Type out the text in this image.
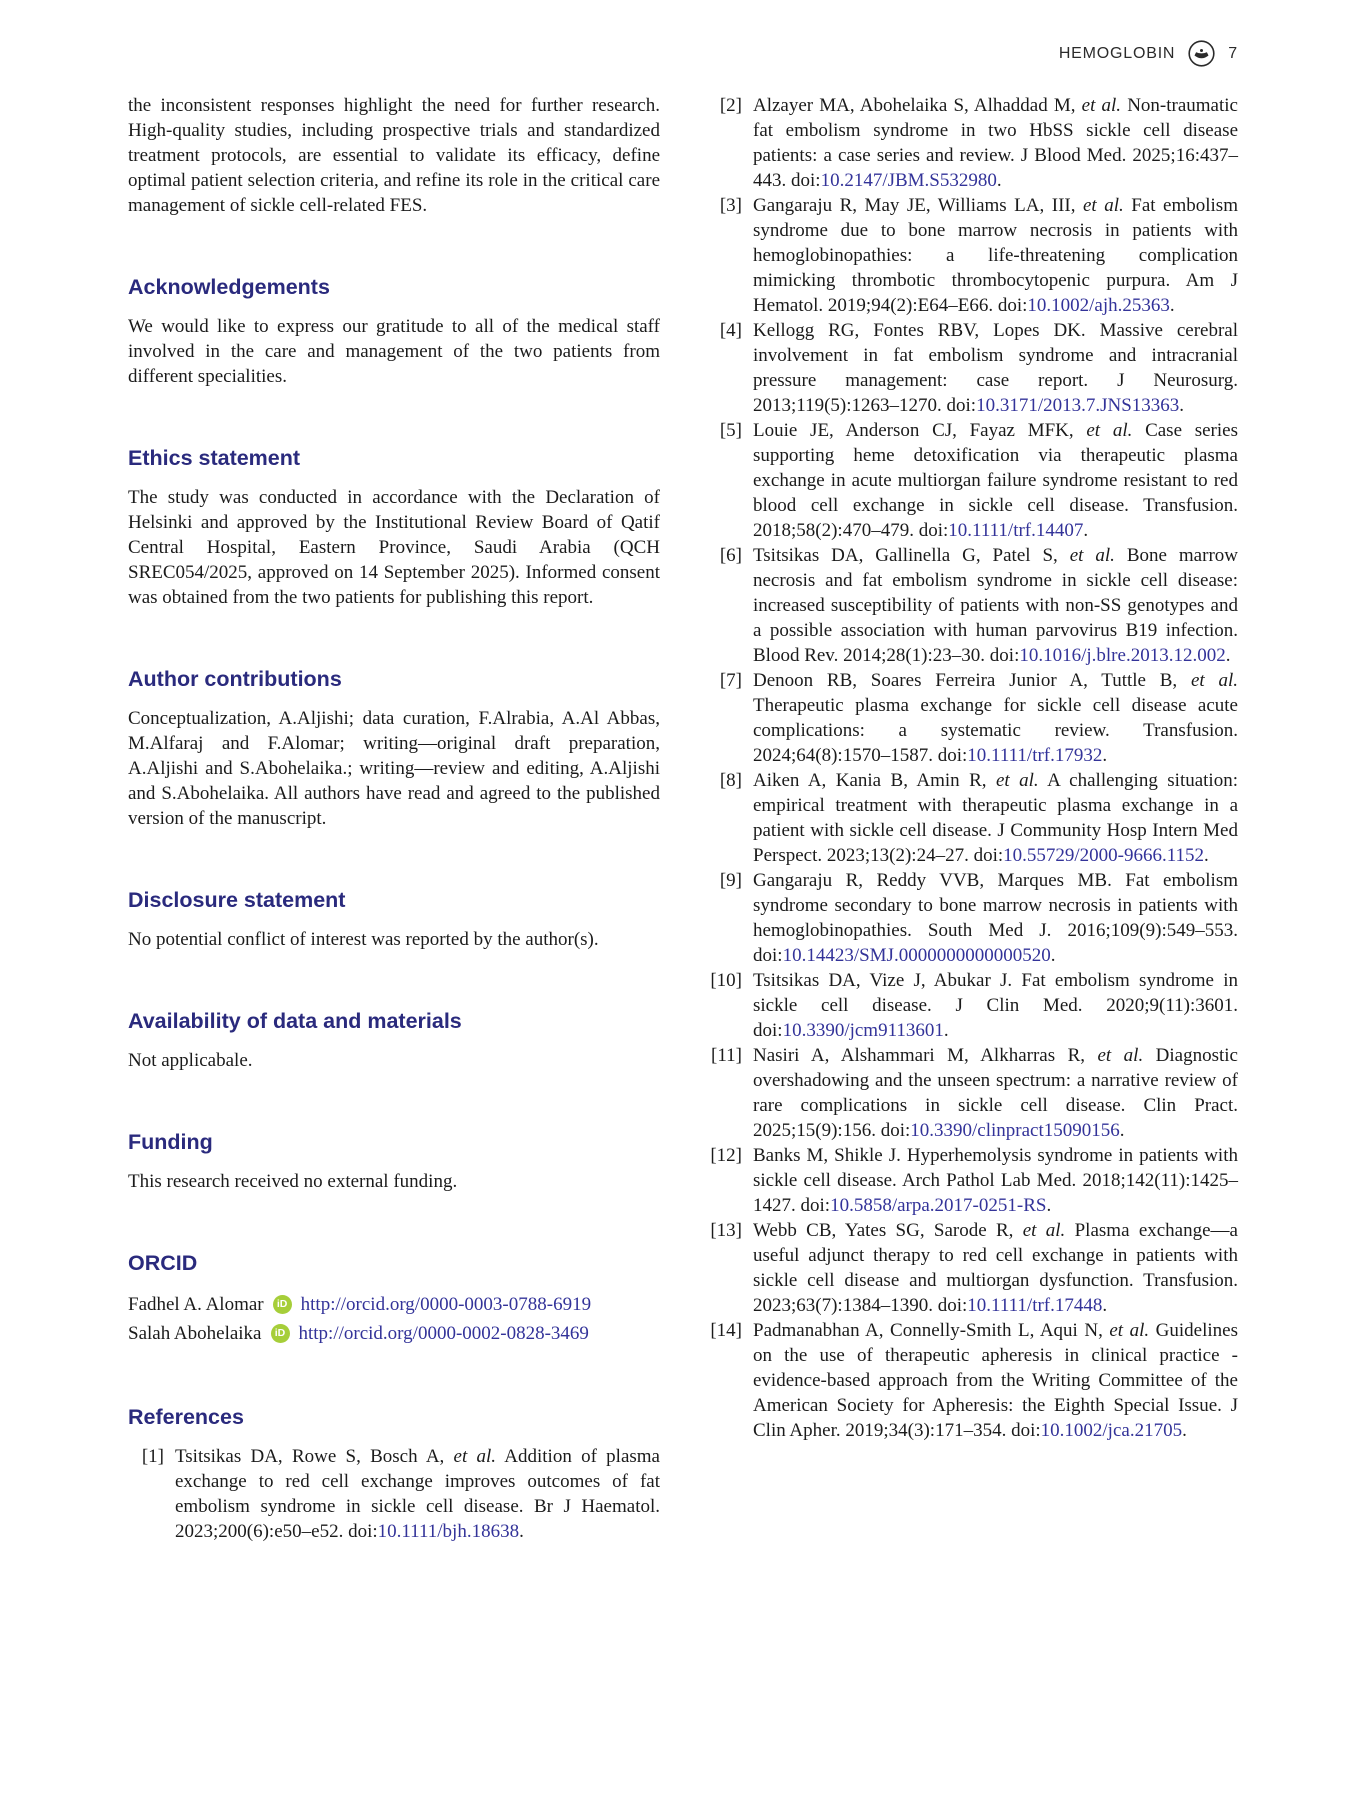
HEMOGLOBIN	7

the inconsistent responses highlight the need for further research. High-quality studies, including prospective trials and standardized treatment protocols, are essential to validate its efficacy, define optimal patient selection criteria, and refine its role in the critical care management of sickle cell-related FES.

Acknowledgements

We would like to express our gratitude to all of the medical staff involved in the care and management of the two patients from different specialities.

Ethics statement

The study was conducted in accordance with the Declaration of Helsinki and approved by the Institutional Review Board of Qatif Central Hospital, Eastern Province, Saudi Arabia (QCH SREC054/2025, approved on 14 September 2025). Informed consent was obtained from the two patients for publishing this report.

Author contributions

Conceptualization, A.Aljishi; data curation, F.Alrabia, A.Al Abbas, M.Alfaraj and F.Alomar; writing—original draft preparation, A.Aljishi and S.Abohelaika.; writing—review and editing, A.Aljishi and S.Abohelaika. All authors have read and agreed to the published version of the manuscript.

Disclosure statement

No potential conflict of interest was reported by the author(s).

Availability of data and materials

Not applicabale.

Funding

This research received no external funding.

ORCID
Fadhel A. Alomar	iD http://orcid.org/0000-0003-0788-6919
Salah Abohelaika	iD http://orcid.org/0000-0002-0828-3469
References
[1] Tsitsikas DA, Rowe S, Bosch A, et al. Addition of plasma exchange to red cell exchange improves outcomes of fat embolism syndrome in sickle cell disease. Br J Haematol. 2023;200(6):e50–e52. doi:10.1111/bjh.18638.
[2] Alzayer MA, Abohelaika S, Alhaddad M, et al. Non-traumatic fat embolism syndrome in two HbSS sickle cell disease patients: a case series and review. J Blood Med. 2025;16:437–443. doi:10.2147/JBM.S532980.
[3] Gangaraju R, May JE, Williams LA, III, et al. Fat embolism syndrome due to bone marrow necrosis in patients with hemoglobinopathies: a life-threatening complication mimicking thrombotic thrombocytopenic purpura. Am J Hematol. 2019;94(2):E64–E66. doi:10.1002/ajh.25363.
[4] Kellogg RG, Fontes RBV, Lopes DK. Massive cerebral involvement in fat embolism syndrome and intracranial pressure management: case report. J Neurosurg. 2013;119(5):1263–1270. doi:10.3171/2013.7.JNS13363.
[5] Louie JE, Anderson CJ, Fayaz MFK, et al. Case series supporting heme detoxification via therapeutic plasma exchange in acute multiorgan failure syndrome resistant to red blood cell exchange in sickle cell disease. Transfusion. 2018;58(2):470–479. doi:10.1111/trf.14407.
[6] Tsitsikas DA, Gallinella G, Patel S, et al. Bone marrow necrosis and fat embolism syndrome in sickle cell disease: increased susceptibility of patients with non-SS genotypes and a possible association with human parvovirus B19 infection. Blood Rev. 2014;28(1):23–30. doi:10.1016/j.blre.2013.12.002.
[7] Denoon RB, Soares Ferreira Junior A, Tuttle B, et al. Therapeutic plasma exchange for sickle cell disease acute complications: a systematic review. Transfusion. 2024;64(8):1570–1587. doi:10.1111/trf.17932.
[8] Aiken A, Kania B, Amin R, et al. A challenging situation: empirical treatment with therapeutic plasma exchange in a patient with sickle cell disease. J Community Hosp Intern Med Perspect. 2023;13(2):24–27. doi:10.55729/2000-9666.1152.
[9] Gangaraju R, Reddy VVB, Marques MB. Fat embolism syndrome secondary to bone marrow necrosis in patients with hemoglobinopathies. South Med J. 2016;109(9):549–553. doi:10.14423/SMJ.0000000000000520.
[10] Tsitsikas DA, Vize J, Abukar J. Fat embolism syndrome in sickle cell disease. J Clin Med. 2020;9(11):3601. doi:10.3390/jcm9113601.
[11] Nasiri A, Alshammari M, Alkharras R, et al. Diagnostic overshadowing and the unseen spectrum: a narrative review of rare complications in sickle cell disease. Clin Pract. 2025;15(9):156. doi:10.3390/clinpract15090156.
[12] Banks M, Shikle J. Hyperhemolysis syndrome in patients with sickle cell disease. Arch Pathol Lab Med. 2018;142(11):1425–1427. doi:10.5858/arpa.2017-0251-RS.
[13] Webb CB, Yates SG, Sarode R, et al. Plasma exchange—a useful adjunct therapy to red cell exchange in patients with sickle cell disease and multiorgan dysfunction. Transfusion. 2023;63(7):1384–1390. doi:10.1111/trf.17448.
[14] Padmanabhan A, Connelly-Smith L, Aqui N, et al. Guidelines on the use of therapeutic apheresis in clinical practice - evidence-based approach from the Writing Committee of the American Society for Apheresis: the Eighth Special Issue. J Clin Apher. 2019;34(3):171–354. doi:10.1002/jca.21705.
